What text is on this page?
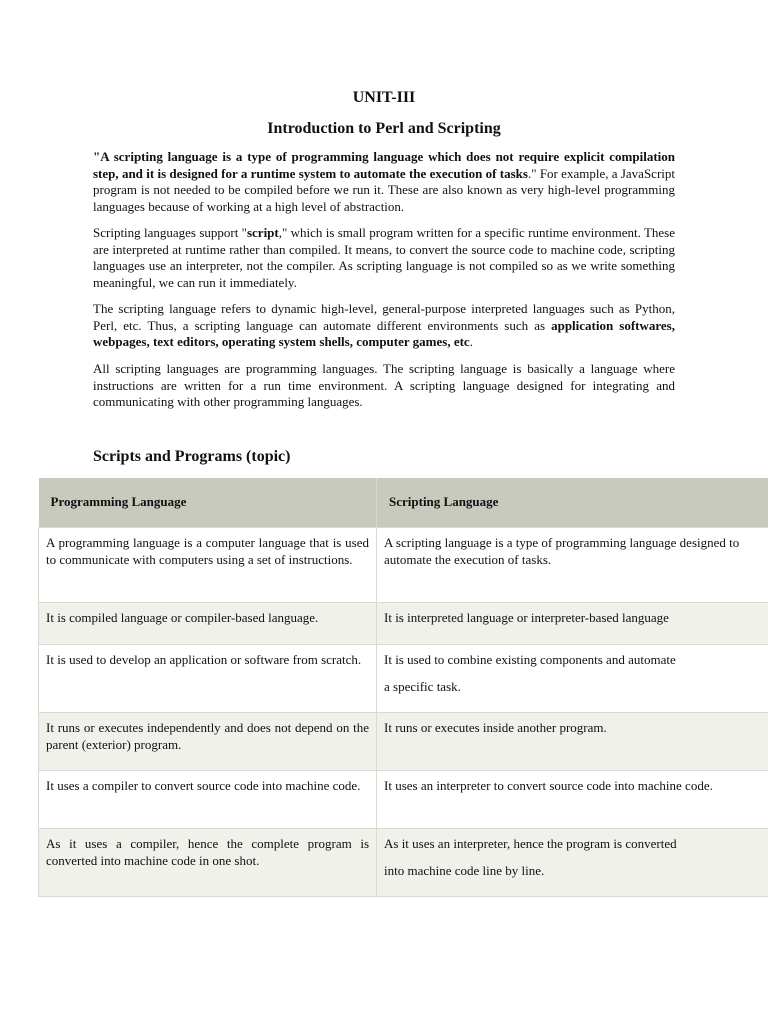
UNIT-III
Introduction to Perl and Scripting

"A scripting language is a type of programming language which does not require explicit compilation step, and it is designed for a runtime system to automate the execution of tasks." For example, a JavaScript program is not needed to be compiled before we run it. These are also known as very high-level programming languages because of working at a high level of abstraction.

Scripting languages support "script," which is small program written for a specific runtime environment. These are interpreted at runtime rather than compiled. It means, to convert the source code to machine code, scripting languages use an interpreter, not the compiler. As scripting language is not compiled so as we write something meaningful, we can run it immediately.

The scripting language refers to dynamic high-level, general-purpose interpreted languages such as Python, Perl, etc. Thus, a scripting language can automate different environments such as application softwares, webpages, text editors, operating system shells, computer games, etc.

All scripting languages are programming languages. The scripting language is basically a language where instructions are written for a run time environment. A scripting language designed for integrating and communicating with other programming languages.

Scripts and Programs (topic)
Programming Language	Scripting Language
A programming language is a computer language that is used to communicate with computers using a set of instructions.	A scripting language is a type of programming language designed to automate the execution of tasks.
It is compiled language or compiler-based language.	It is interpreted language or interpreter-based language
It is used to develop an application or software from scratch.	It is used to combine existing components and automate
a specific task.

It runs or executes independently and does not depend on the parent (exterior) program.	It runs or executes inside another program.
It uses a compiler to convert source code into machine code.	It uses an interpreter to convert source code into machine code.
As it uses a compiler, hence the complete program is converted into machine code in one shot.	As it uses an interpreter, hence the program is converted
into machine code line by line.
